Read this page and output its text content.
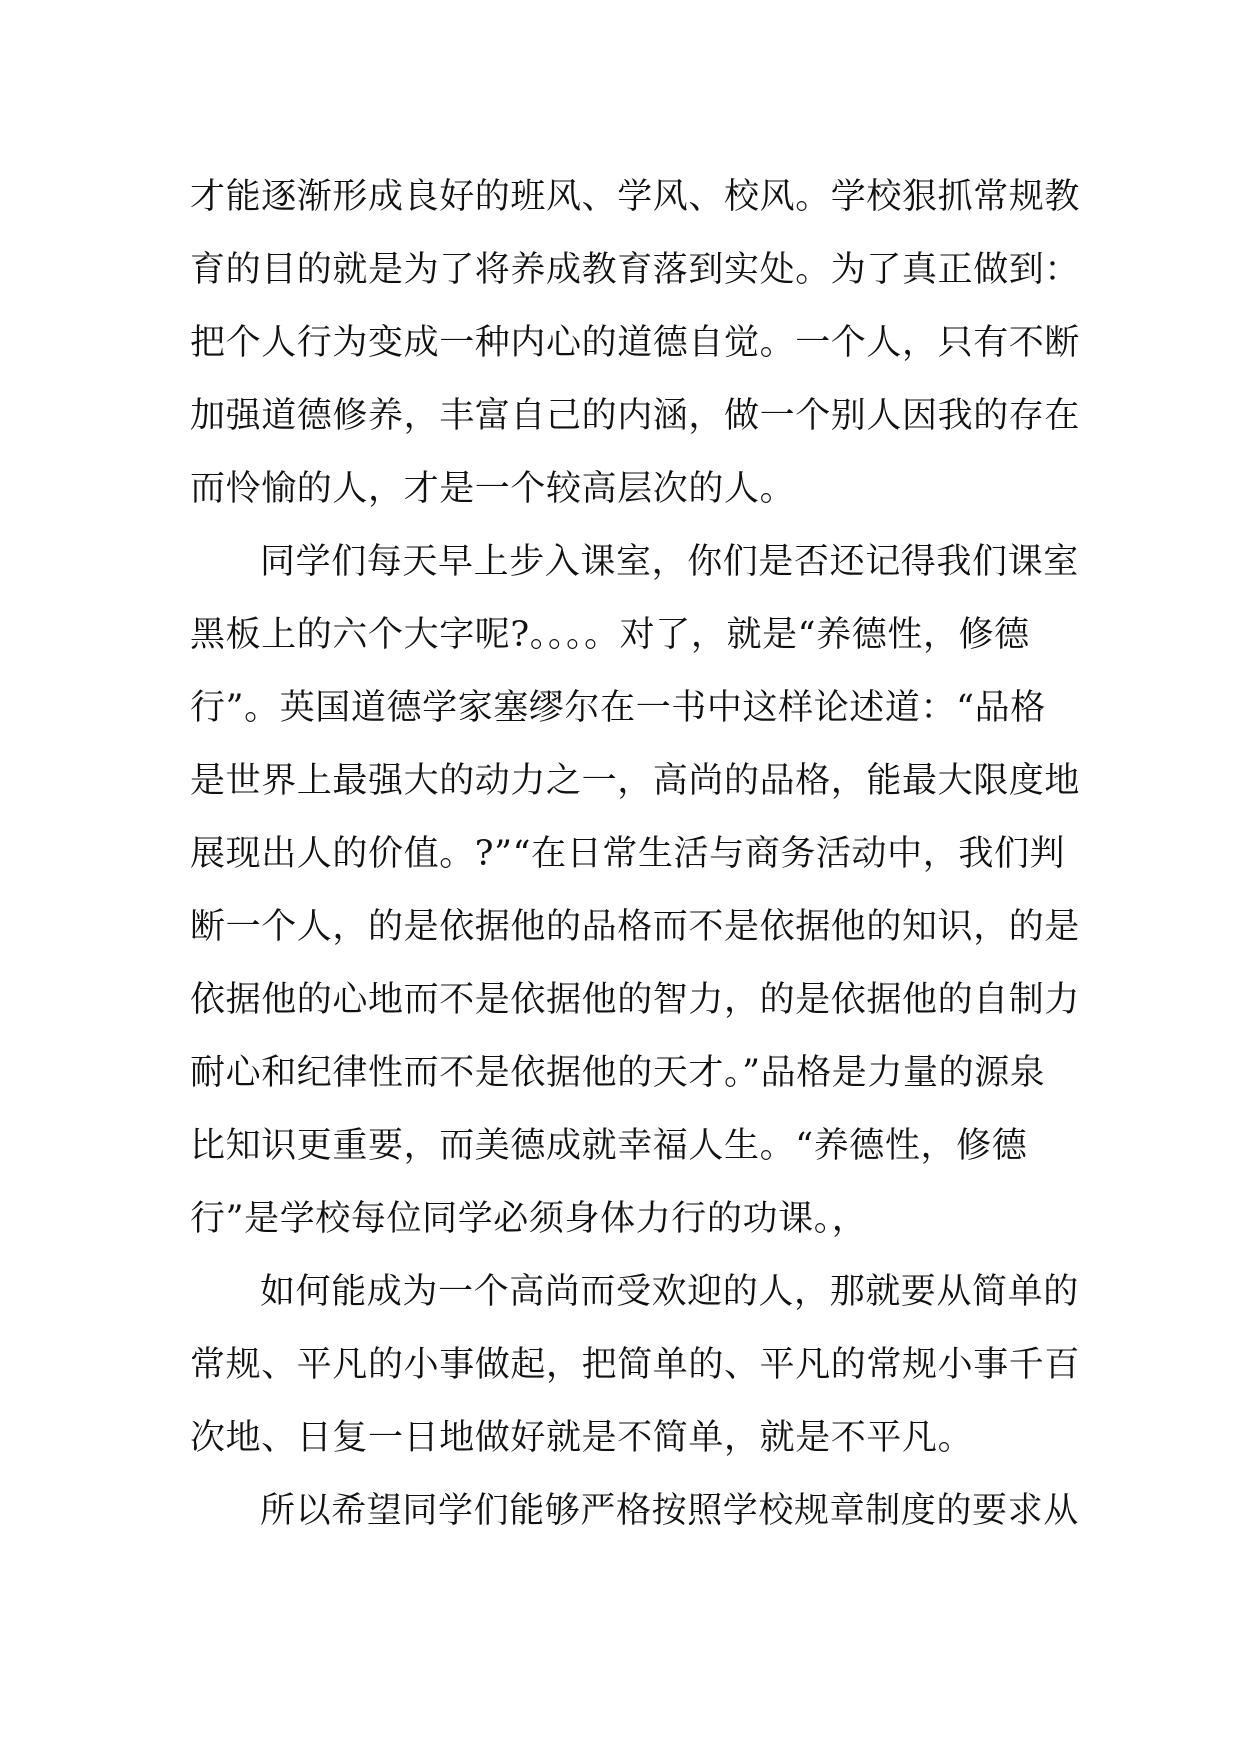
才能逐渐形成良好的班风、学风、校风。学校狠抓常规教
育的目的就是为了将养成教育落到实处。为了真正做到：
把个人行为变成一种内心的道德自觉。一个人，只有不断
加强道德修养，丰富自己的内涵，做一个别人因我的存在
而怜愉的人，才是一个较高层次的人。
同学们每天早上步入课室，你们是否还记得我们课室
黑板上的六个大字呢?。。。。对了，就是“养德性，修德
行”。英国道德学家塞缪尔在一书中这样论述道：“品格
是世界上最强大的动力之一，高尚的品格，能最大限度地
展现出人的价值。?”“在日常生活与商务活动中，我们判
断一个人，的是依据他的品格而不是依据他的知识，的是
依据他的心地而不是依据他的智力，的是依据他的自制力
耐心和纪律性而不是依据他的天才。”品格是力量的源泉
比知识更重要，而美德成就幸福人生。“养德性，修德
行”是学校每位同学必须身体力行的功课。，
如何能成为一个高尚而受欢迎的人，那就要从简单的
常规、平凡的小事做起，把简单的、平凡的常规小事千百
次地、日复一日地做好就是不简单，就是不平凡。
所以希望同学们能够严格按照学校规章制度的要求从
